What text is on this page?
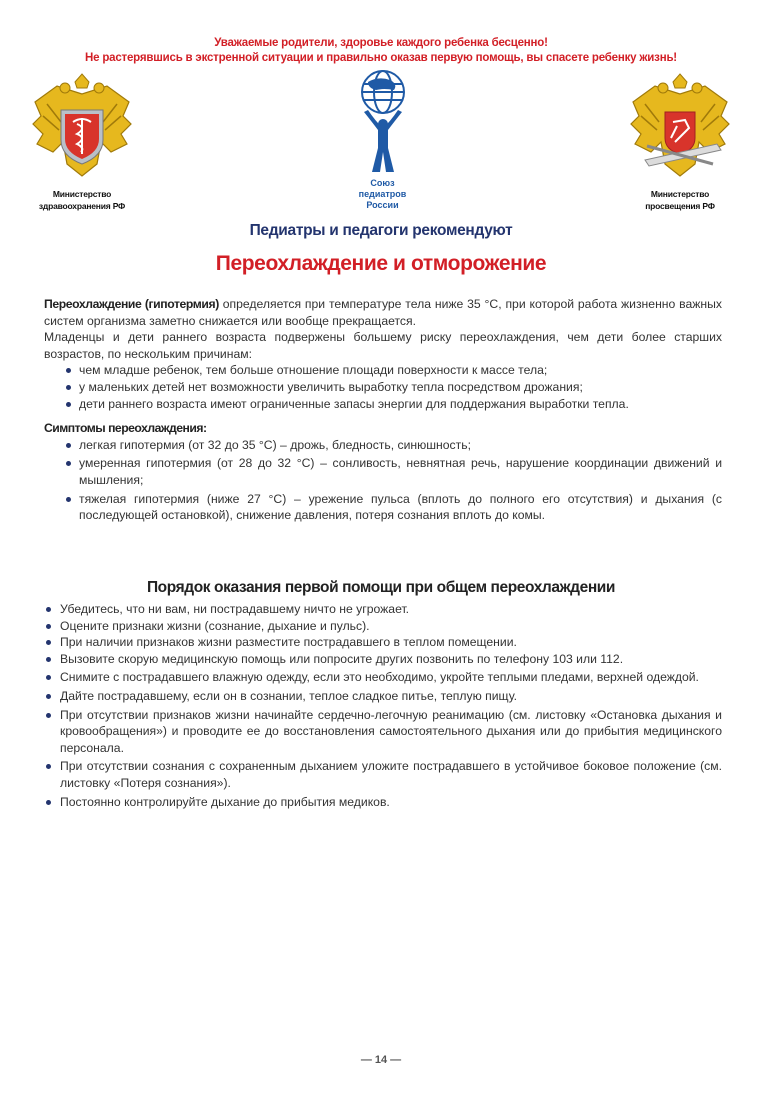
Уважаемые родители, здоровье каждого ребенка бесценно!
Не растерявшись в экстренной ситуации и правильно оказав первую помощь, вы спасете ребенку жизнь!
Министерство
здравоохранения РФ
Союз
педиатров
России
Министерство
просвещения РФ
Педиатры и педагоги рекомендуют
Переохлаждение и отморожение

Переохлаждение (гипотермия) определяется при температуре тела ниже 35 °С, при которой работа жизненно важных систем организма заметно снижается или вообще прекращается.

Младенцы и дети раннего возраста подвержены большему риску переохлаждения, чем дети более старших возрастов, по нескольким причинам:

чем младше ребенок, тем больше отношение площади поверхности к массе тела;
у маленьких детей нет возможности увеличить выработку тепла посредством дрожания;
дети раннего возраста имеют ограниченные запасы энергии для поддержания выработки тепла.
Симптомы переохлаждения:
легкая гипотермия (от 32 до 35 °С) – дрожь, бледность, синюшность;
умеренная гипотермия (от 28 до 32 °С) – сонливость, невнятная речь, нарушение координации движений и мышления;
тяжелая гипотермия (ниже 27 °С) – урежение пульса (вплоть до полного его отсутствия) и дыхания (с последующей остановкой), снижение давления, потеря сознания вплоть до комы.
Порядок оказания первой помощи при общем переохлаждении
Убедитесь, что ни вам, ни пострадавшему ничто не угрожает.
Оцените признаки жизни (сознание, дыхание и пульс).
При наличии признаков жизни разместите пострадавшего в теплом помещении.
Вызовите скорую медицинскую помощь или попросите других позвонить по телефону 103 или 112.
Снимите с пострадавшего влажную одежду, если это необходимо, укройте теплыми пледами, верхней одеждой.
Дайте пострадавшему, если он в сознании, теплое сладкое питье, теплую пищу.
При отсутствии признаков жизни начинайте сердечно-легочную реанимацию (см. листовку «Остановка дыхания и кровообращения») и проводите ее до восстановления самостоятельного дыхания или до прибытия медицинского персонала.
При отсутствии сознания с сохраненным дыханием уложите пострадавшего в устойчивое боковое положение (см. листовку «Потеря сознания»).
Постоянно контролируйте дыхание до прибытия медиков.
— 14 —
